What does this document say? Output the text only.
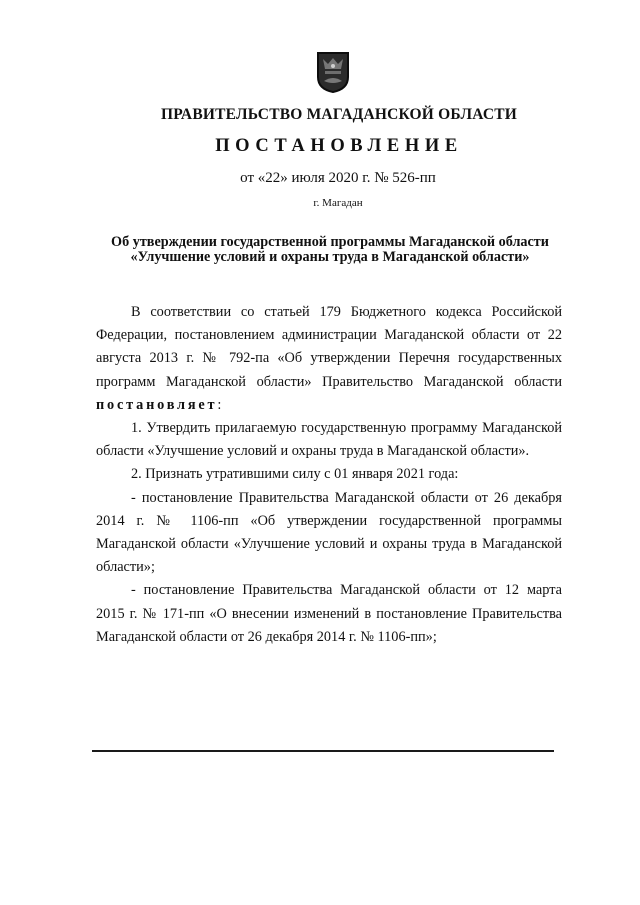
ПРАВИТЕЛЬСТВО МАГАДАНСКОЙ ОБЛАСТИ
ПОСТАНОВЛЕНИЕ
от «22» июля 2020 г. № 526-пп
г. Магадан
Об утверждении государственной программы Магаданской области
«Улучшение условий и охраны труда в Магаданской области»

В соответствии со статьей 179 Бюджетного кодекса Российской Федерации, постановлением администрации Магаданской области от 22 августа 2013 г. № 792-па «Об утверждении Перечня государственных программ Магаданской области» Правительство Магаданской области постановляет:

1. Утвердить прилагаемую государственную программу Магаданской области «Улучшение условий и охраны труда в Магаданской области».

2. Признать утратившими силу с 01 января 2021 года:

- постановление Правительства Магаданской области от 26 декабря 2014 г. № 1106-пп «Об утверждении государственной программы Магаданской области «Улучшение условий и охраны труда в Магаданской области»;

- постановление Правительства Магаданской области от 12 марта 2015 г. № 171-пп «О внесении изменений в постановление Правительства Магаданской области от 26 декабря 2014 г. № 1106-пп»;
